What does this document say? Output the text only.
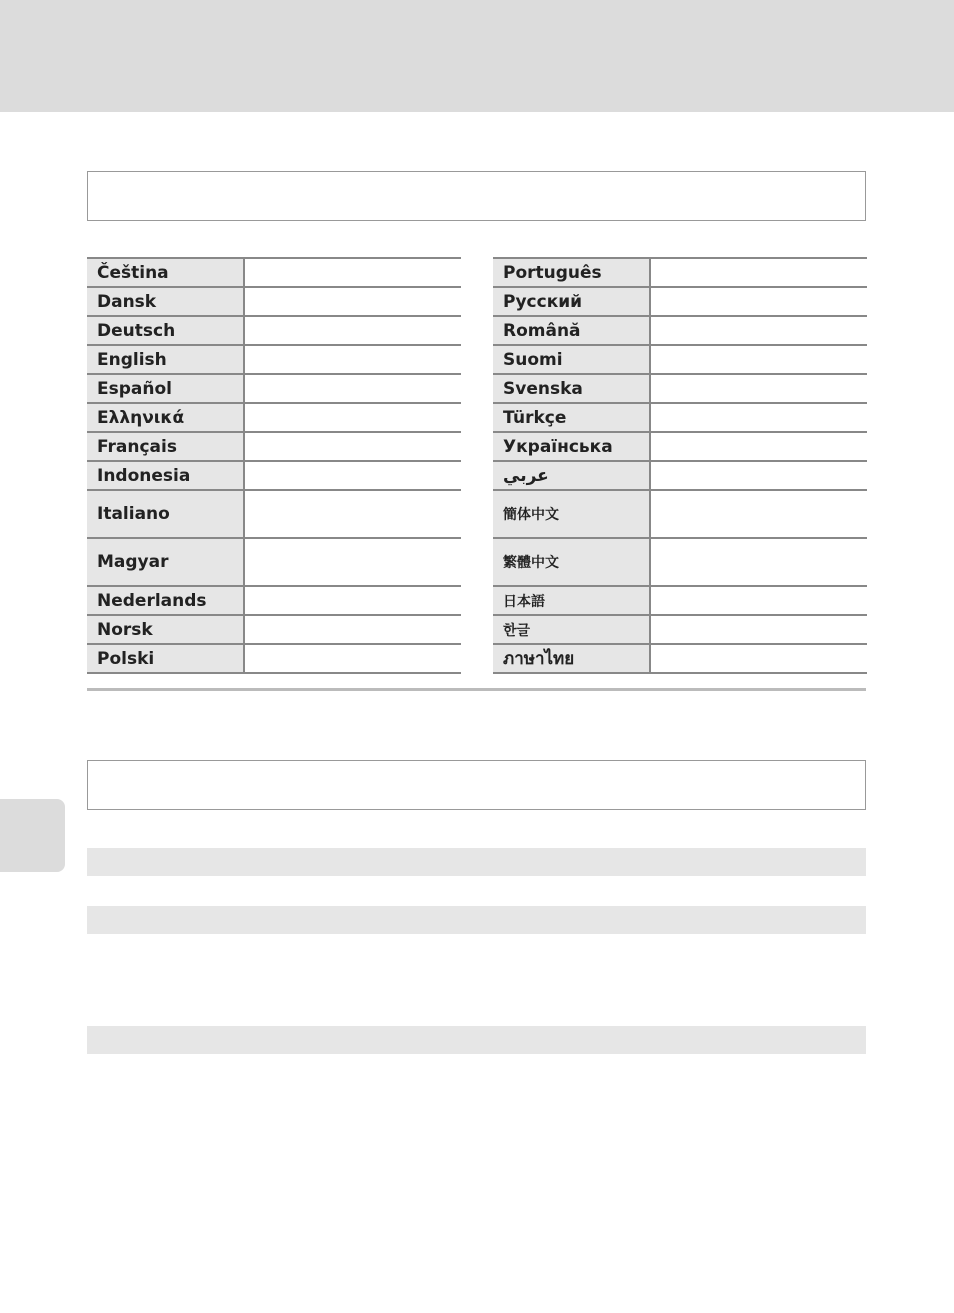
Čeština	
Dansk	
Deutsch	
English	
Español	
Ελληνικά	
Français	
Indonesia	
Italiano	
Magyar	
Nederlands	
Norsk	
Polski	
Português	
Русский	
Română	
Suomi	
Svenska	
Türkçe	
Українська	
عربي	
簡体中文	
繁體中文	
日本語	
한글	
ภาษาไทย	
